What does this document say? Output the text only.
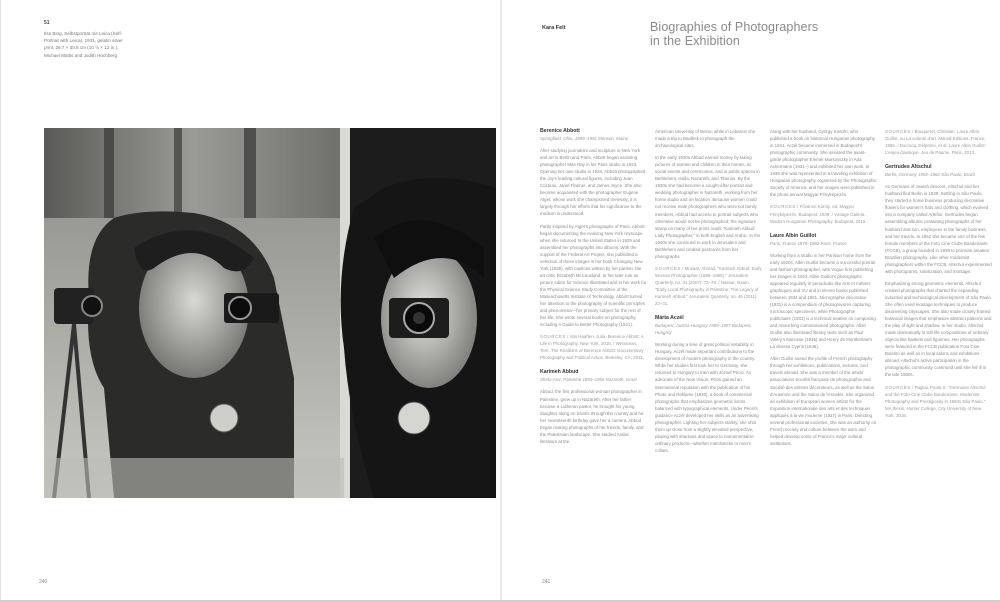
51
Ilse Bing, Selbstporträt mit Leica (Self-Portrait with Leica), 1931, gelatin silver print, 26.7 × 30.5 cm (10 ½ × 12 in.), Michael Mattis and Judith Hochberg
240
Kara Felt	Biographies of Photographers
in the Exhibition
Berenice Abbott
Springfield, Ohio, 1898–1991 Monson, Maine

After studying journalism and sculpture in New York and art in Berlin and Paris, Abbott began assisting photographer Man Ray in his Paris studio in 1923. Opening her own studio in 1926, Abbott photographed the city's leading cultural figures, including Jean Cocteau, Janet Flanner, and James Joyce. She also became acquainted with the photographer Eugène Atget, whose work she championed tirelessly; it is largely through her efforts that his significance to the medium is understood.

Partly inspired by Atget's photographs of Paris, Abbott began documenting the evolving New York cityscape when she returned to the United States in 1929 and assembled her photographs into albums. With the support of the Federal Art Project, she published a selection of these images in her book Changing New York (1939), with captions written by her partner, the art critic Elizabeth McCausland. In her later role as picture editor for Science Illustrated and in her work for the Physical Science Study Committee of the Massachusetts Institute of Technology, Abbott turned her attention to the photography of scientific principles and phenomena—her primary subject for the rest of her life. She wrote several books on photography, including A Guide to Better Photography (1941).

SOURCES / Van Haaften, Julia. Berenice Abbott: A Life in Photography. New York, 2018. / Weissman, Terri. The Realisms of Berenice Abbott: Documentary Photography and Political Action. Berkeley, CA, 2011.
Karimeh Abbud
Shefa-Amr, Palestine 1893–1955 Nazareth, Israel

Abbud, the first professional woman photographer in Palestine, grew up in Nazareth. After her father became a Lutheran pastor, he brought his young daughter along on travels through the country and for her seventeenth birthday gave her a camera. Abbud began making photographs of her friends, family, and the Palestinian landscape. She studied Arabic literature at the

American University of Beirut; while in Lebanon she made a trip to Baalbek to photograph the archaeological sites.

In the early 1920s Abbud earned money by taking pictures of women and children in their homes, at social events and ceremonies, and in public spaces in Bethlehem, Haifa, Nazareth, and Tiberias. By the 1930s she had become a sought-after portrait and wedding photographer in Nazareth, working from her home studio and on location. Because women could not receive male photographers who were not family members, Abbud had access to portrait subjects who otherwise would not be photographed; the signature stamp on many of her prints reads "Karimeh Abbud Lady Photographer," in both English and Arabic. In the 1940s she continued to work in Jerusalem and Bethlehem and created postcards from her photographs.

SOURCES / Mrowat, Ahmad. "Karimeh Abbud: Early Woman Photographer (1896–1955)." Jerusalem Quarterly, no. 31 (2007): 72–78. / Nassar, Issam. "Early Local Photography in Palestine: The Legacy of Karimeh Abbud." Jerusalem Quarterly, no. 46 (2011): 23–31.
Márta Aczél
Budapest, Austria-Hungary 1909–1997 Budapest, Hungary

Working during a time of great political instability in Hungary, Aczél made important contributions to the development of modern photography in the country. While her studies first took her to Germany, she returned to Hungary to train with József Pécsi. An advocate of the New Vision, Pécsi gained an international reputation with the publication of his Photo und Reklame (1930), a book of commercial photographs that emphasizes geometric forms balanced with typographical elements. Under Pécsi's guidance Aczél developed her skills as an advertising photographer. Lighting her subjects starkly, she shot them up close from a slightly elevated perspective, playing with shadows and space to monumentalize ordinary products—whether matchsticks or men's collars.

Along with her husband, György Kinszki, who published a book on historical Hungarian photography in 1941, Aczél became immersed in Budapest's photographic community. She assisted the avant-garde photographer Elemér Marsovszky in Ada Ackermann (1931–) and exhibited her own work. In 1939 she was represented in a traveling exhibition of Hungarian photography organized by the Photographic Society of America, and her images were published in the photo annual Magyar Fényképezés.

SOURCES / Fővárosi Károly, ed. Magyar Fényképezés. Budapest, 1939. / Vintage Galéria. Modern Hungarian Photography. Budapest, 2015.
Laure Albin Guillot
Paris, France 1879–1962 Paris, France

Working from a studio in her Parisian home from the early 1920s, Albin Guillot became a successful portrait and fashion photographer, with Vogue first publishing her images in 1922. Albin Guillot's photographs appeared regularly in periodicals like Arts et métiers graphiques and VU and in eleven books published between 1934 and 1961. Micrographie décorative (1931) is a compendium of photogravures capturing microscopic specimens, while Photographie publicitaire (1933) is a technical treatise on composing and retouching commissioned photographs. Albin Guillot also illustrated literary texts such as Paul Valéry's Narcisse (1936) and Henry de Montherlant's La déesse Cypris (1946).

Albin Guillot raised the profile of French photography through her exhibitions, publications, lectures, and travels abroad. She was a member of the artists' associations Société française de photographie and Société des artistes décorateurs, as well as the Salon d'Automne and the Salon de l'escalier. She organized an exhibition of European women artists for the Exposition internationale des arts et des techniques appliqués à la vie moderne (1937) in Paris. Directing several professional societies, she was an authority on French society and culture between the wars and helped develop some of France's major cultural institutions.

SOURCES / Bouqueret, Christian. Laure Albin Guillot, ou La volonté d'art. Marval Éditions, France, 1996. / Ducrocq, Delphine, et al. Laure Albin Guillot: L'enjeu classique. Jeu de Paume, Paris, 2013.
Gertrudes Altschul
Berlin, Germany 1904–1962 São Paulo, Brazil

As Germans of Jewish descent, Altschul and her husband fled Berlin in 1939. Settling in São Paulo, they started a home business producing decorative flowers for women's hats and clothing, which evolved into a company called Artefior. Gertrudes began assembling albums containing photographs of her husband and son, employees in the family business, and her travels. In 1952 she became one of the few female members of the Foto Cine Clube Bandeirante (FCCB), a group founded in 1939 to promote amateur Brazilian photography. Like other modernist photographers within the FCCB, Altschul experimented with photograms, solarization, and montage.

Emphasizing strong geometric elements, Altschul created photographs that charted the expanding industrial and technological development of São Paulo. She often used montage techniques to produce disorienting cityscapes. She also made closely framed botanical images that emphasize abstract patterns and the play of light and shadow. In her studio, Altschul made dramatically lit still-life compositions of ordinary objects like baskets and figurines. Her photographs were featured in the FCCB publication Foto Cine Boletim as well as in local salons and exhibitions abroad. Altschul's active participation in the photographic community continued until she fell ill in the late 1950s.

SOURCES / Pagliai, Paola S. "Gertrudes Altschul and the Foto-Cine Clube Bandeirante: Modernist Photography and Prestigiosity in 1950s São Paulo." MA thesis, Hunter College, City University of New York, 2016.
241
